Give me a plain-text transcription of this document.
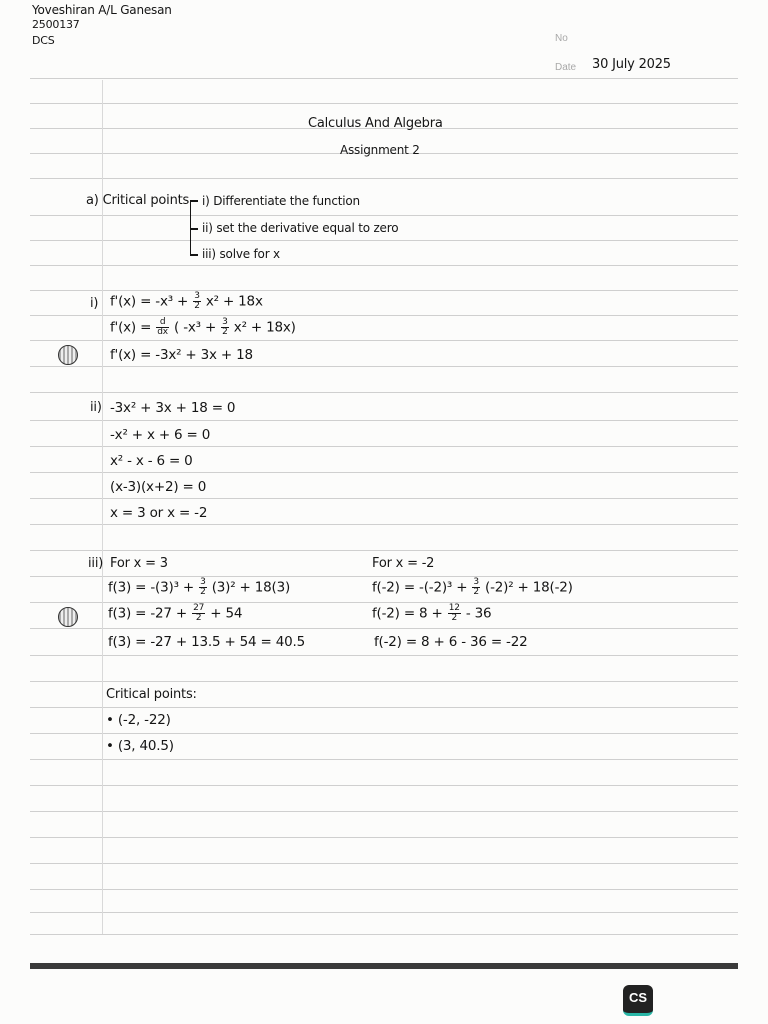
Yoveshiran A/L Ganesan
2500137
DCS	No
Date 30 July 2025
Calculus And Algebra
Assignment 2
a) Critical points i) Differentiate the function
ii) set the derivative equal to zero
iii) solve for x
i) $f'(x) = -x^3 + \frac{3}{2} x^2 + 18x$
$f'(x) = \frac{d}{dx}$ ( $-x^3 + \frac{3}{2} x^2 + 18x$)
f'(x) = -3x² + 3x + 18
ii) -3x² + 3x + 18 = 0
-x² + x + 6 = 0
x² - x - 6 = 0
(x-3)(x+2) = 0
x = 3 or x = -2
iii) For x = 3
$f(3) = -(3)^3 + \frac{3}{2} (3)^2 + 18(3)$
$f(3) = -27 + \frac{27}{2} + 54$
f(3) = -27 + 13.5 + 54 = 40.5
For x = -2
$f(-2) = -(-2)^3 + \frac{3}{2} (-2)^2 + 18(-2)$
$f(-2) = 8 + \frac{12}{2} - 36$
f(-2) = 8 + 6 - 36 = -22
Critical points:
• (-2, -22)
• (3, 40.5)
CS
